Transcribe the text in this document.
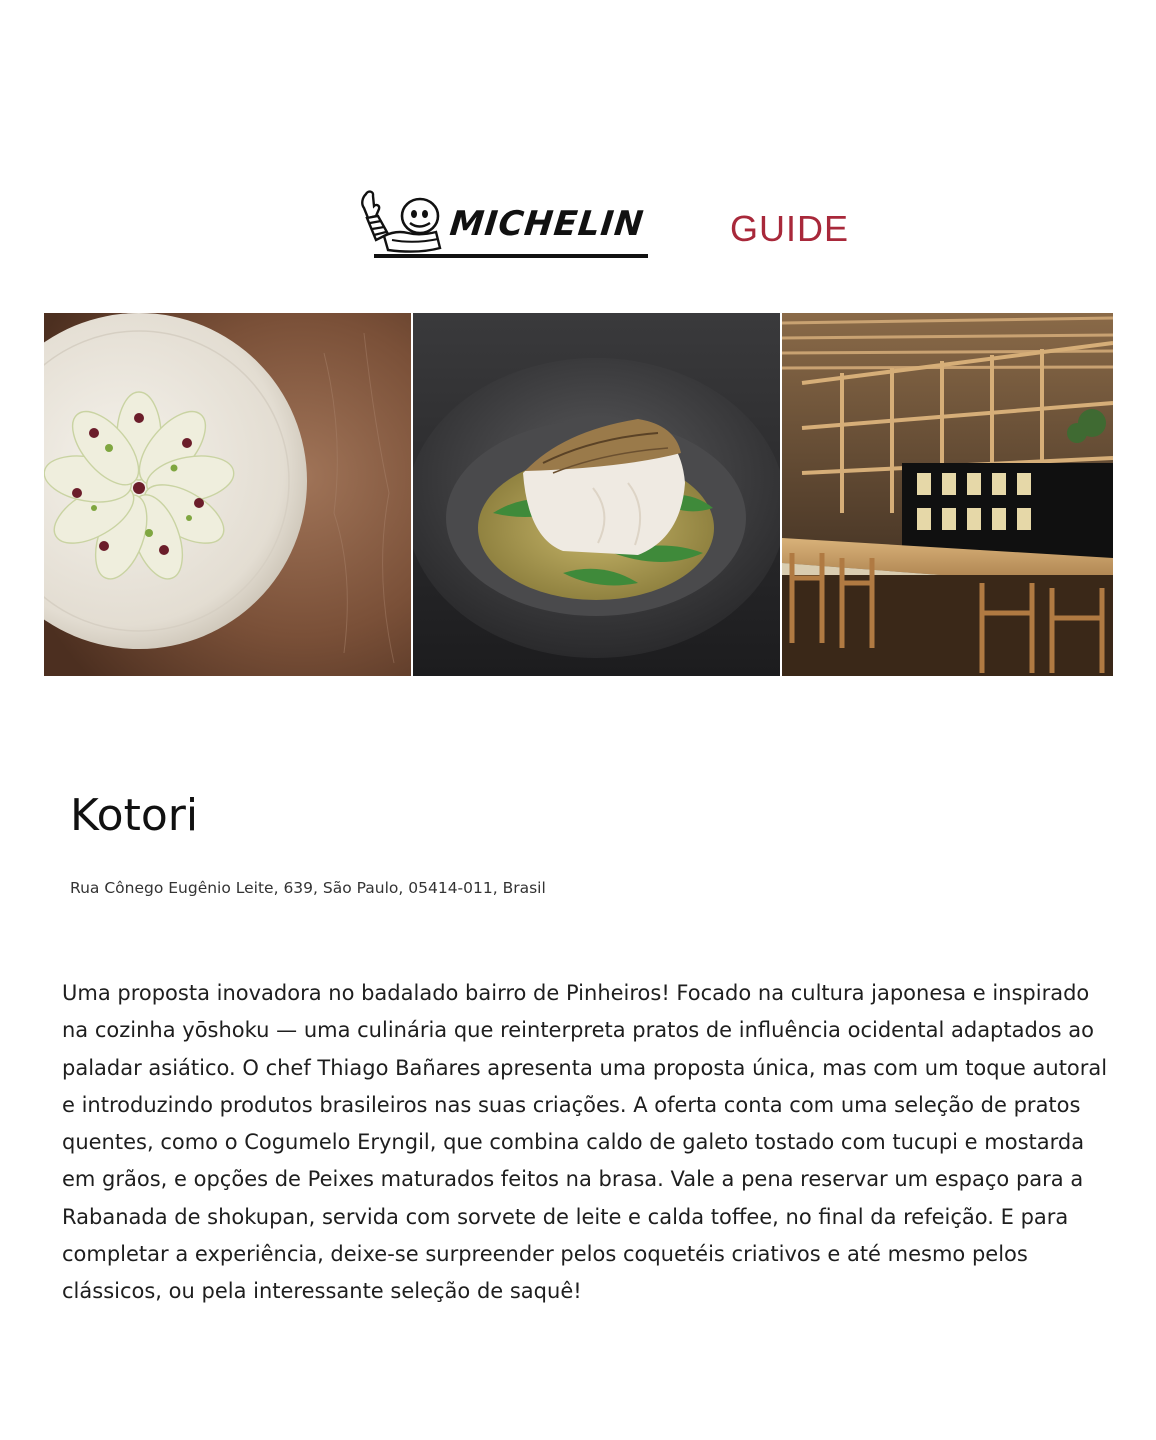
MICHELIN GUIDE
Kotori
Rua Cônego Eugênio Leite, 639, São Paulo, 05414-011, Brasil

Uma proposta inovadora no badalado bairro de Pinheiros! Focado na cultura japonesa e inspirado na cozinha yōshoku — uma culinária que reinterpreta pratos de influência ocidental adaptados ao paladar asiático. O chef Thiago Bañares apresenta uma proposta única, mas com um toque autoral e introduzindo produtos brasileiros nas suas criações. A oferta conta com uma seleção de pratos quentes, como o Cogumelo Eryngil, que combina caldo de galeto tostado com tucupi e mostarda em grãos, e opções de Peixes maturados feitos na brasa. Vale a pena reservar um espaço para a Rabanada de shokupan, servida com sorvete de leite e calda toffee, no final da refeição. E para completar a experiência, deixe-se surpreender pelos coquetéis criativos e até mesmo pelos clássicos, ou pela interessante seleção de saquê!
